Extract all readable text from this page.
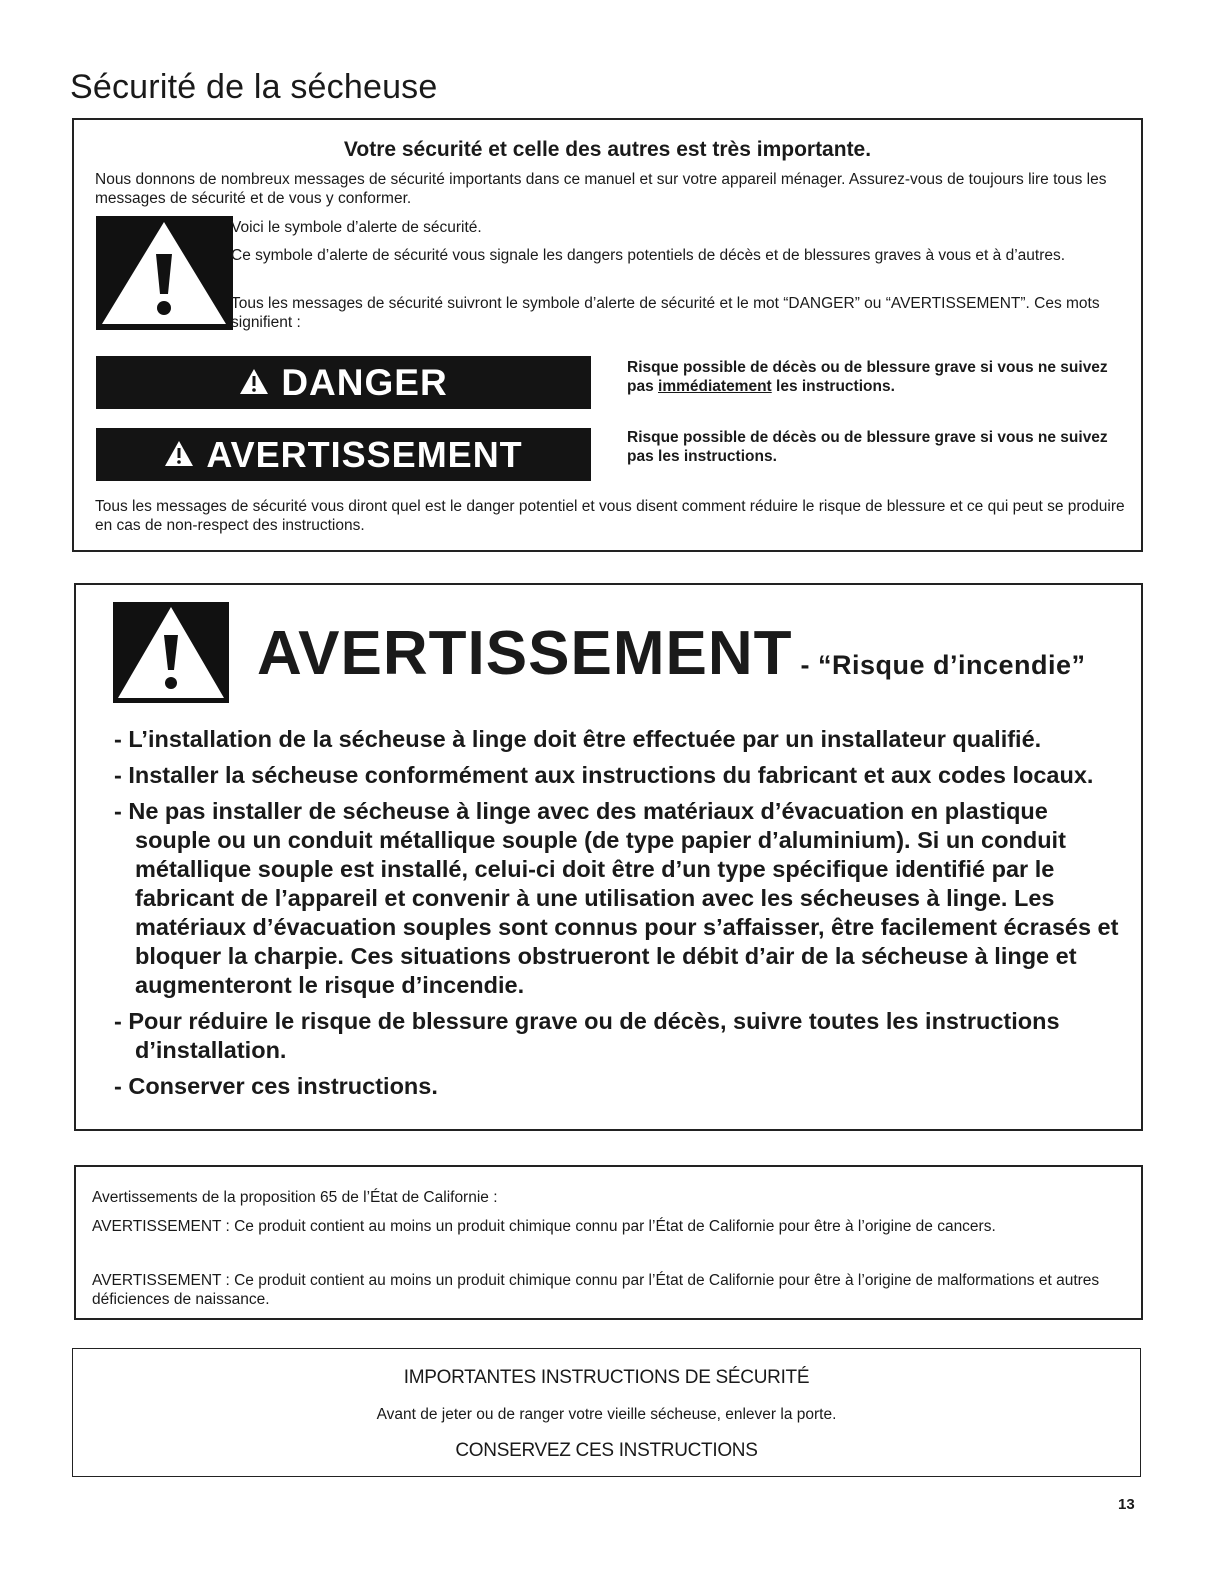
Sécurité de la sécheuse

Votre sécurité et celle des autres est très importante.

Nous donnons de nombreux messages de sécurité importants dans ce manuel et sur votre appareil ménager. Assurez-vous de toujours lire tous les messages de sécurité et de vous y conformer.

Voici le symbole d’alerte de sécurité.

Ce symbole d’alerte de sécurité vous signale les dangers potentiels de décès et de blessures graves à vous et à d’autres.

Tous les messages de sécurité suivront le symbole d’alerte de sécurité et le mot “DANGER” ou “AVERTISSEMENT”. Ces mots signifient :

DANGER	Risque possible de décès ou de blessure grave si vous ne suivez pas immédiatement les instructions.

AVERTISSEMENT	Risque possible de décès ou de blessure grave si vous ne suivez pas les instructions.

Tous les messages de sécurité vous diront quel est le danger potentiel et vous disent comment réduire le risque de blessure et ce qui peut se produire en cas de non-respect des instructions.

AVERTISSEMENT - “Risque d’incendie”

- L’installation de la sécheuse à linge doit être effectuée par un installateur qualifié.
- Installer la sécheuse conformément aux instructions du fabricant et aux codes locaux.
- Ne pas installer de sécheuse à linge avec des matériaux d’évacuation en plastique souple ou un conduit métallique souple (de type papier d’aluminium). Si un conduit métallique souple est installé, celui-ci doit être d’un type spécifique identifié par le fabricant de l’appareil et convenir à une utilisation avec les sécheuses à linge. Les matériaux d’évacuation souples sont connus pour s’affaisser, être facilement écrasés et bloquer la charpie. Ces situations obstrueront le débit d’air de la sécheuse à linge et augmenteront le risque d’incendie.
- Pour réduire le risque de blessure grave ou de décès, suivre toutes les instructions d’installation.
- Conserver ces instructions.

Avertissements de la proposition 65 de l’État de Californie :

AVERTISSEMENT : Ce produit contient au moins un produit chimique connu par l’État de Californie pour être à l’origine de cancers.

AVERTISSEMENT : Ce produit contient au moins un produit chimique connu par l’État de Californie pour être à l’origine de malformations et autres déficiences de naissance.

IMPORTANTES INSTRUCTIONS DE SÉCURITÉ

Avant de jeter ou de ranger votre vieille sécheuse, enlever la porte.

CONSERVEZ CES INSTRUCTIONS

13
